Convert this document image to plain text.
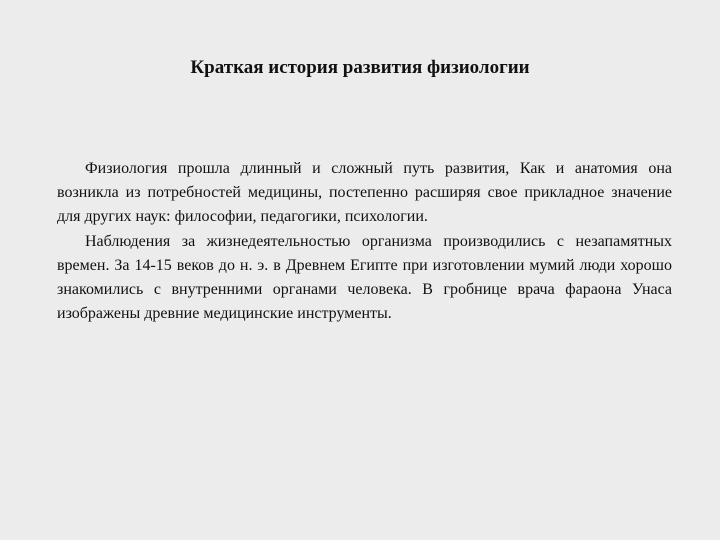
Краткая история развития физиологии

Физиология прошла длинный и сложный путь развития, Как и анатомия она возникла из потребностей медицины, постепенно расширяя свое прикладное значение для других наук: философии, педагогики, психологии.

Наблюдения за жизнедеятельностью организма производились с незапамятных времен. За 14-15 веков до н. э. в Древнем Египте при изготовлении мумий люди хорошо знакомились с внутренними органами человека. В гробнице врача фараона Унаса изображены древние медицинские инструменты.
